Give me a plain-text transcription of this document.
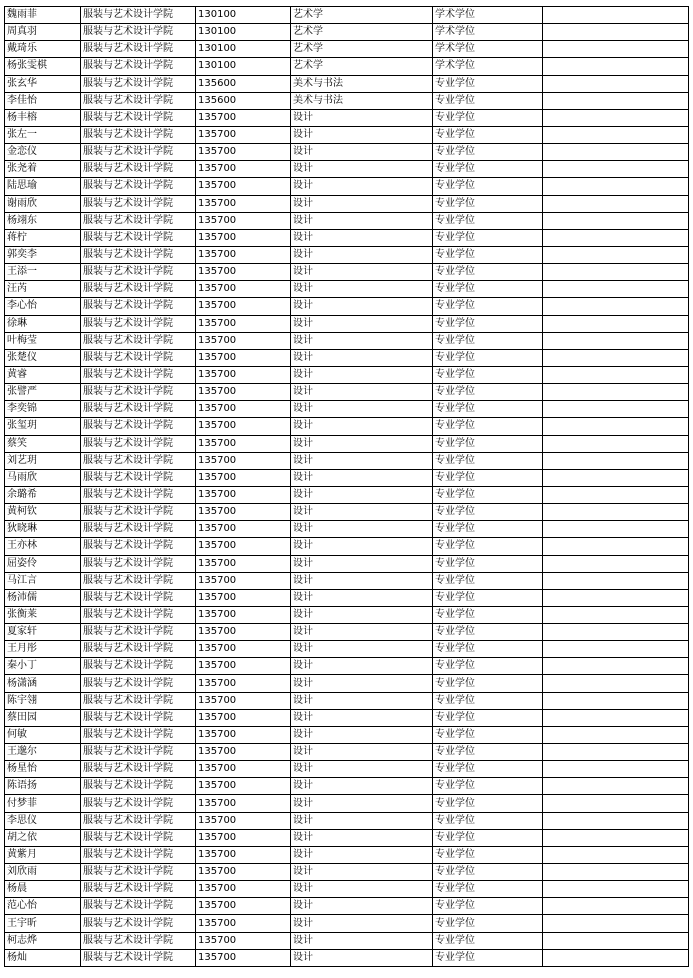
魏雨菲	服装与艺术设计学院	130100	艺术学	学术学位	
周真羽	服装与艺术设计学院	130100	艺术学	学术学位	
戴琦乐	服装与艺术设计学院	130100	艺术学	学术学位	
杨张雯棋	服装与艺术设计学院	130100	艺术学	学术学位	
张玄华	服装与艺术设计学院	135600	美术与书法	专业学位	
李佳怡	服装与艺术设计学院	135600	美术与书法	专业学位	
杨丰榕	服装与艺术设计学院	135700	设计	专业学位	
张左一	服装与艺术设计学院	135700	设计	专业学位	
金恋仪	服装与艺术设计学院	135700	设计	专业学位	
张尧着	服装与艺术设计学院	135700	设计	专业学位	
陆思瑜	服装与艺术设计学院	135700	设计	专业学位	
谢雨欣	服装与艺术设计学院	135700	设计	专业学位	
杨翊东	服装与艺术设计学院	135700	设计	专业学位	
蒋柠	服装与艺术设计学院	135700	设计	专业学位	
郭奕李	服装与艺术设计学院	135700	设计	专业学位	
王添一	服装与艺术设计学院	135700	设计	专业学位	
汪芮	服装与艺术设计学院	135700	设计	专业学位	
李心怡	服装与艺术设计学院	135700	设计	专业学位	
徐琳	服装与艺术设计学院	135700	设计	专业学位	
叶梅莹	服装与艺术设计学院	135700	设计	专业学位	
张楚仪	服装与艺术设计学院	135700	设计	专业学位	
黄睿	服装与艺术设计学院	135700	设计	专业学位	
张譬严	服装与艺术设计学院	135700	设计	专业学位	
李奕锦	服装与艺术设计学院	135700	设计	专业学位	
张玺玥	服装与艺术设计学院	135700	设计	专业学位	
蔡笑	服装与艺术设计学院	135700	设计	专业学位	
刘艺玥	服装与艺术设计学院	135700	设计	专业学位	
马雨欣	服装与艺术设计学院	135700	设计	专业学位	
余璐希	服装与艺术设计学院	135700	设计	专业学位	
黄柯钦	服装与艺术设计学院	135700	设计	专业学位	
狄晓琳	服装与艺术设计学院	135700	设计	专业学位	
王亦林	服装与艺术设计学院	135700	设计	专业学位	
屈姿伶	服装与艺术设计学院	135700	设计	专业学位	
马江言	服装与艺术设计学院	135700	设计	专业学位	
杨沛儒	服装与艺术设计学院	135700	设计	专业学位	
张衡莱	服装与艺术设计学院	135700	设计	专业学位	
夏家轩	服装与艺术设计学院	135700	设计	专业学位	
王月彤	服装与艺术设计学院	135700	设计	专业学位	
秦小丁	服装与艺术设计学院	135700	设计	专业学位	
杨潇涵	服装与艺术设计学院	135700	设计	专业学位	
陈宇翎	服装与艺术设计学院	135700	设计	专业学位	
蔡田园	服装与艺术设计学院	135700	设计	专业学位	
何敏	服装与艺术设计学院	135700	设计	专业学位	
王邈尔	服装与艺术设计学院	135700	设计	专业学位	
杨星怡	服装与艺术设计学院	135700	设计	专业学位	
陈语扬	服装与艺术设计学院	135700	设计	专业学位	
付梦菲	服装与艺术设计学院	135700	设计	专业学位	
李思仪	服装与艺术设计学院	135700	设计	专业学位	
胡之依	服装与艺术设计学院	135700	设计	专业学位	
黄紫月	服装与艺术设计学院	135700	设计	专业学位	
刘欣雨	服装与艺术设计学院	135700	设计	专业学位	
杨晨	服装与艺术设计学院	135700	设计	专业学位	
范心怡	服装与艺术设计学院	135700	设计	专业学位	
王宇昕	服装与艺术设计学院	135700	设计	专业学位	
柯志烨	服装与艺术设计学院	135700	设计	专业学位	
杨灿	服装与艺术设计学院	135700	设计	专业学位	
